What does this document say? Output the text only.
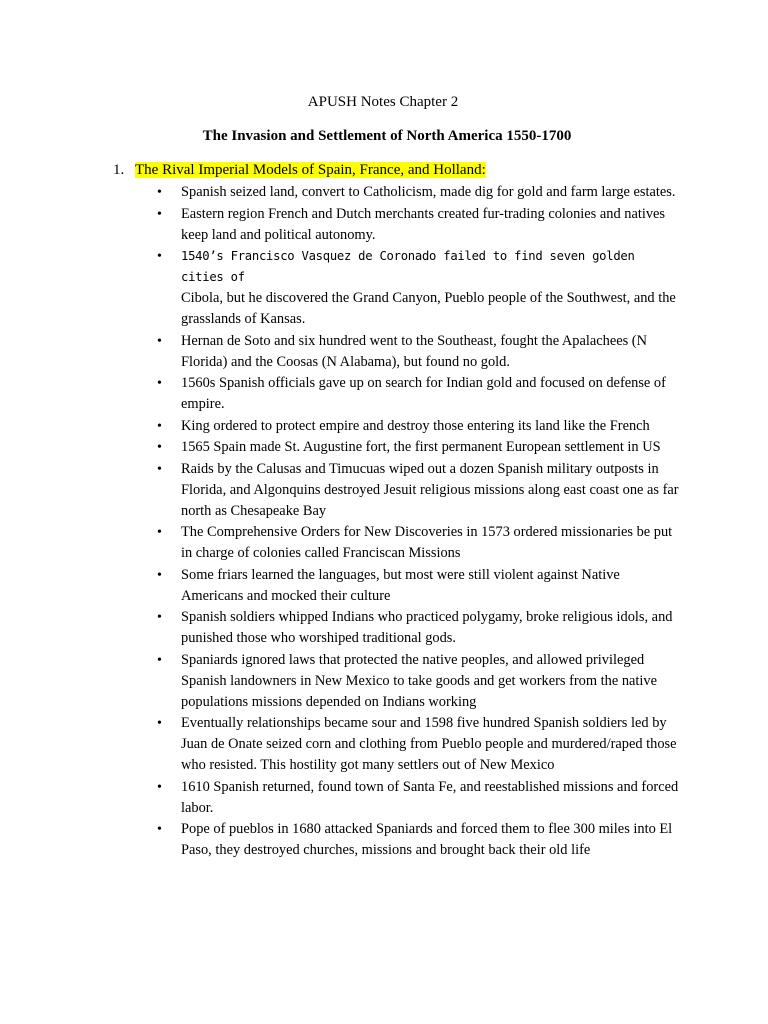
APUSH Notes Chapter 2
The Invasion and Settlement of North America 1550-1700
1. The Rival Imperial Models of Spain, France, and Holland:
• Spanish seized land, convert to Catholicism, made dig for gold and farm large estates.
• Eastern region French and Dutch merchants created fur-trading colonies and natives keep land and political autonomy.
• 1540’s Francisco Vasquez de Coronado failed to find seven golden cities of
Cibola, but he discovered the Grand Canyon, Pueblo people of the Southwest, and the grasslands of Kansas.
• Hernan de Soto and six hundred went to the Southeast, fought the Apalachees (N Florida) and the Coosas (N Alabama), but found no gold.
• 1560s Spanish officials gave up on search for Indian gold and focused on defense of empire.
• King ordered to protect empire and destroy those entering its land like the French
• 1565 Spain made St. Augustine fort, the first permanent European settlement in US
• Raids by the Calusas and Timucuas wiped out a dozen Spanish military outposts in Florida, and Algonquins destroyed Jesuit religious missions along east coast one as far north as Chesapeake Bay
• The Comprehensive Orders for New Discoveries in 1573 ordered missionaries be put in charge of colonies called Franciscan Missions
• Some friars learned the languages, but most were still violent against Native Americans and mocked their culture
• Spanish soldiers whipped Indians who practiced polygamy, broke religious idols, and punished those who worshiped traditional gods.
• Spaniards ignored laws that protected the native peoples, and allowed privileged Spanish landowners in New Mexico to take goods and get workers from the native populations missions depended on Indians working
• Eventually relationships became sour and 1598 five hundred Spanish soldiers led by Juan de Onate seized corn and clothing from Pueblo people and murdered/raped those who resisted. This hostility got many settlers out of New Mexico
• 1610 Spanish returned, found town of Santa Fe, and reestablished missions and forced labor.
• Pope of pueblos in 1680 attacked Spaniards and forced them to flee 300 miles into El Paso, they destroyed churches, missions and brought back their old life
